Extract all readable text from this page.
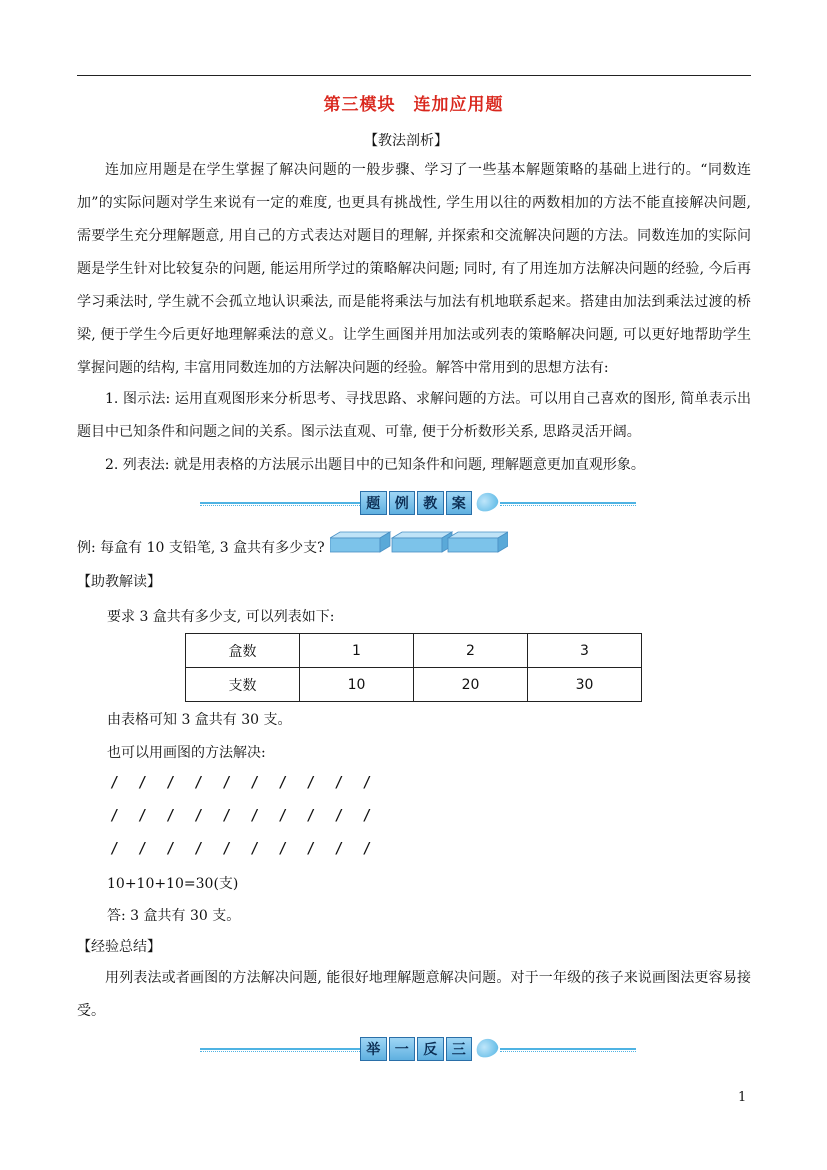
第三模块 连加应用题
【教法剖析】

连加应用题是在学生掌握了解决问题的一般步骤、学习了一些基本解题策略的基础上进行的。“同数连加”的实际问题对学生来说有一定的难度, 也更具有挑战性, 学生用以往的两数相加的方法不能直接解决问题, 需要学生充分理解题意, 用自己的方式表达对题目的理解, 并探索和交流解决问题的方法。同数连加的实际问题是学生针对比较复杂的问题, 能运用所学过的策略解决问题; 同时, 有了用连加方法解决问题的经验, 今后再学习乘法时, 学生就不会孤立地认识乘法, 而是能将乘法与加法有机地联系起来。搭建由加法到乘法过渡的桥梁, 便于学生今后更好地理解乘法的意义。让学生画图并用加法或列表的策略解决问题, 可以更好地帮助学生掌握问题的结构, 丰富用同数连加的方法解决问题的经验。解答中常用到的思想方法有:

1. 图示法: 运用直观图形来分析思考、寻找思路、求解问题的方法。可以用自己喜欢的图形, 简单表示出题目中已知条件和问题之间的关系。图示法直观、可靠, 便于分析数形关系, 思路灵活开阔。

2. 列表法: 就是用表格的方法展示出题目中的已知条件和问题, 理解题意更加直观形象。

题	例	教	案
例: 每盒有 10 支铅笔, 3 盒共有多少支?
【助教解读】
要求 3 盒共有多少支, 可以列表如下:
盒数	1	2	3
支数	10	20	30
由表格可知 3 盒共有 30 支。
也可以用画图的方法解决:
/ / / / / / / / / /
/ / / / / / / / / /
/ / / / / / / / / /
10+10+10=30(支)
答: 3 盒共有 30 支。
【经验总结】

用列表法或者画图的方法解决问题, 能很好地理解题意解决问题。对于一年级的孩子来说画图法更容易接受。

举	一	反	三
1
